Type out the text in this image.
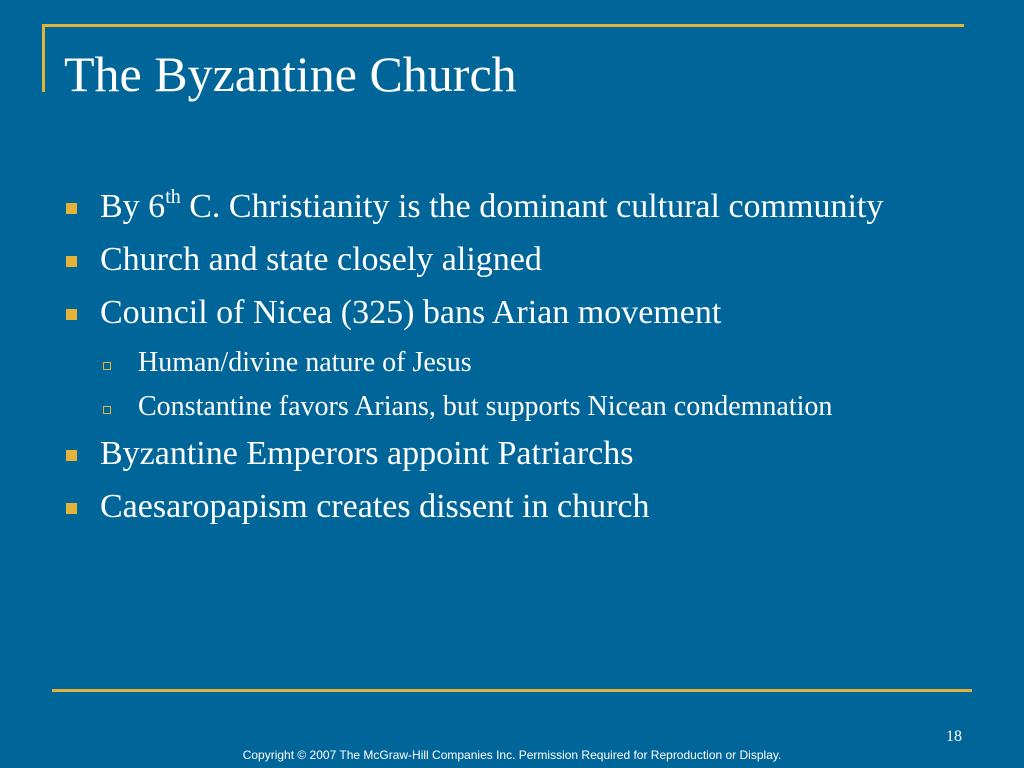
The Byzantine Church
By 6th C. Christianity is the dominant cultural community
Church and state closely aligned
Council of Nicea (325) bans Arian movement
Human/divine nature of Jesus
Constantine favors Arians, but supports Nicean condemnation
Byzantine Emperors appoint Patriarchs
Caesaropapism creates dissent in church
18
Copyright © 2007 The McGraw-Hill Companies Inc. Permission Required for Reproduction or Display.
